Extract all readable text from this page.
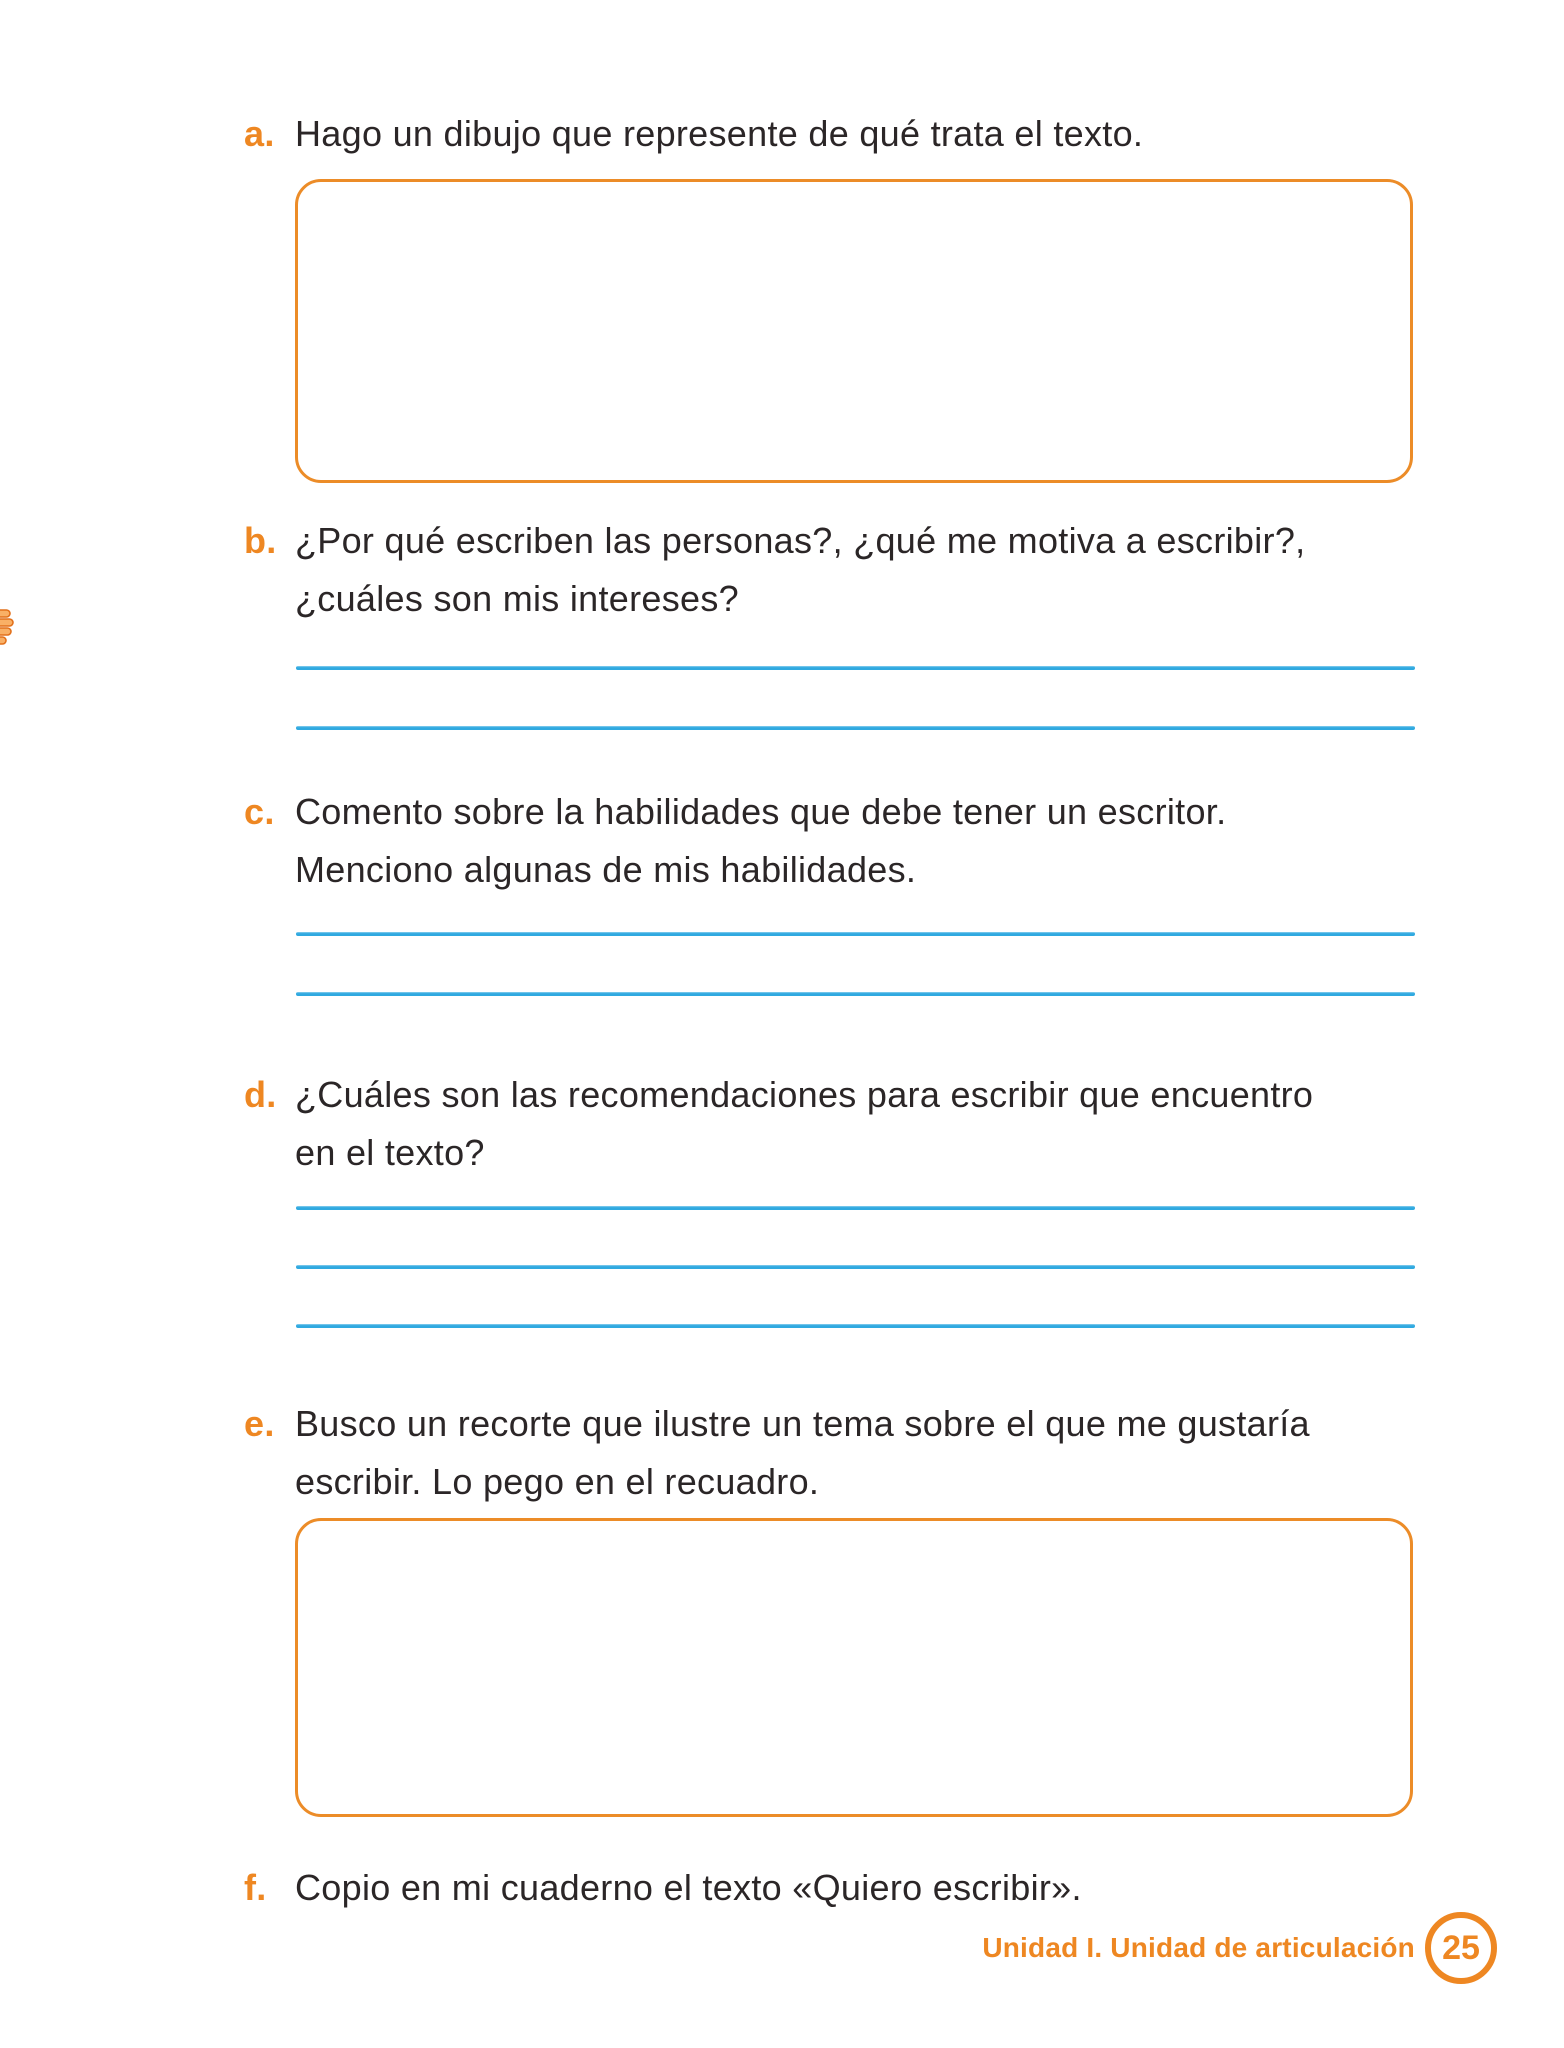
a. Hago un dibujo que represente de qué trata el texto.
b. ¿Por qué escriben las personas?, ¿qué me motiva a escribir?,
¿cuáles son mis intereses?
c. Comento sobre la habilidades que debe tener un escritor.
Menciono algunas de mis habilidades.
d. ¿Cuáles son las recomendaciones para escribir que encuentro
en el texto?
e. Busco un recorte que ilustre un tema sobre el que me gustaría
escribir. Lo pego en el recuadro.
f. Copio en mi cuaderno el texto «Quiero escribir».
Unidad I. Unidad de articulación 25
